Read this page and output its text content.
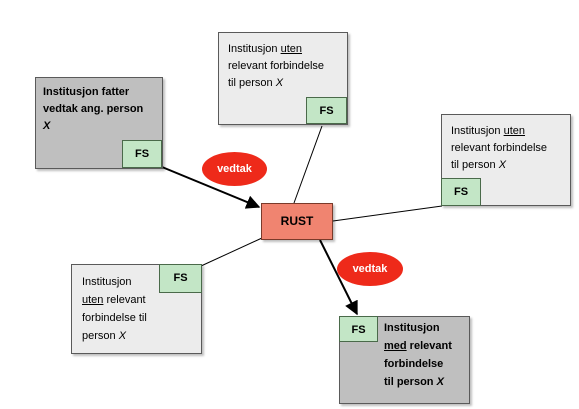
Institusjon fatter
vedtak ang. person
X
FS
Institusjon uten
relevant forbindelse
til person X
FS
Institusjon uten
relevant forbindelse
til person X
FS
Institusjon
uten relevant
forbindelse til
person X
FS
FS	Institusjon
med relevant
forbindelse
til person X
RUST
vedtak
vedtak
